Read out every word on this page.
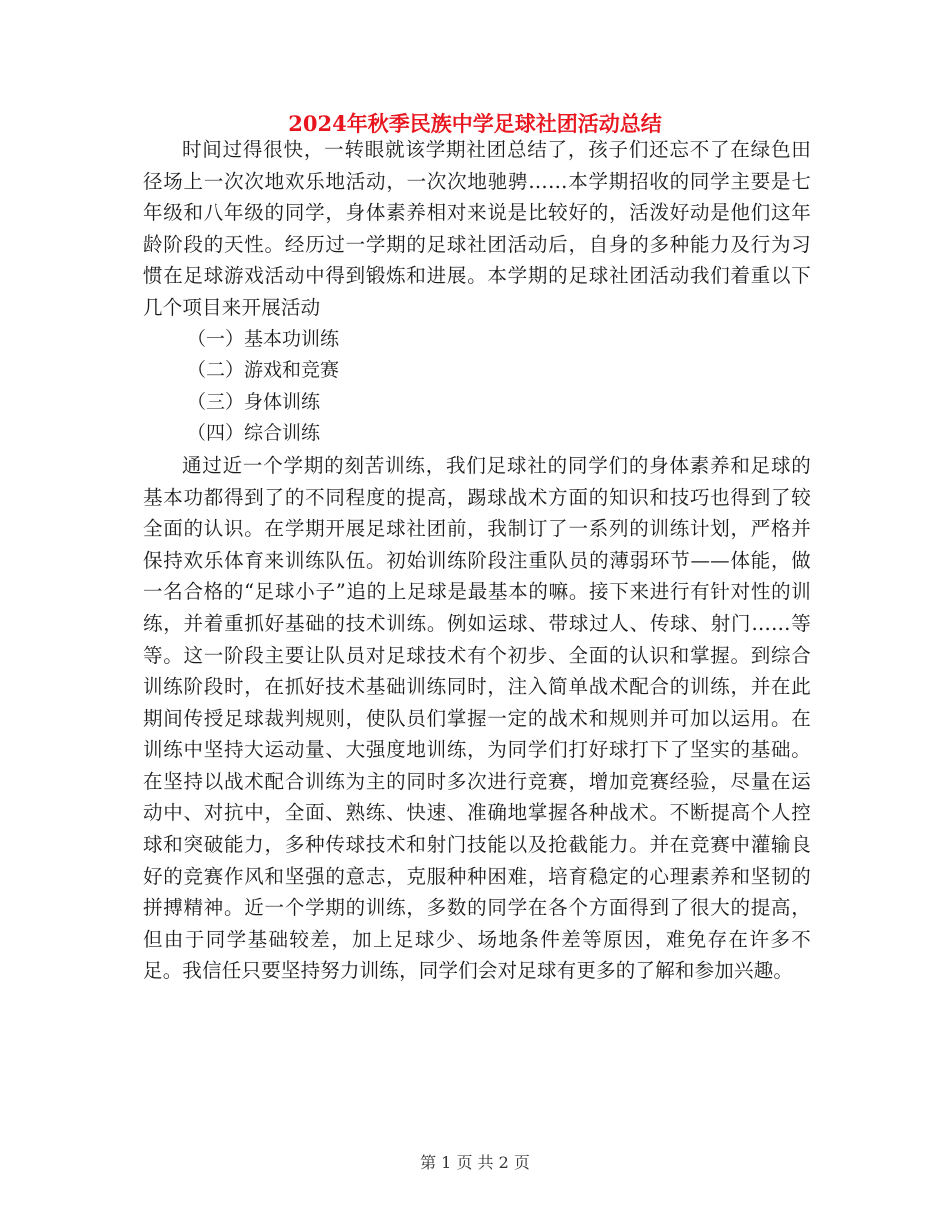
2024年秋季民族中学足球社团活动总结

时间过得很快，一转眼就该学期社团总结了，孩子们还忘不了在绿色田径场上一次次地欢乐地活动，一次次地驰骋……本学期招收的同学主要是七年级和八年级的同学，身体素养相对来说是比较好的，活泼好动是他们这年龄阶段的天性。经历过一学期的足球社团活动后，自身的多种能力及行为习惯在足球游戏活动中得到锻炼和进展。本学期的足球社团活动我们着重以下几个项目来开展活动

（一）基本功训练

（二）游戏和竞赛

（三）身体训练

（四）综合训练

通过近一个学期的刻苦训练，我们足球社的同学们的身体素养和足球的基本功都得到了的不同程度的提高，踢球战术方面的知识和技巧也得到了较全面的认识。在学期开展足球社团前，我制订了一系列的训练计划，严格并保持欢乐体育来训练队伍。初始训练阶段注重队员的薄弱环节——体能，做一名合格的“足球小子”追的上足球是最基本的嘛。接下来进行有针对性的训练，并着重抓好基础的技术训练。例如运球、带球过人、传球、射门……等等。这一阶段主要让队员对足球技术有个初步、全面的认识和掌握。到综合训练阶段时，在抓好技术基础训练同时，注入简单战术配合的训练，并在此期间传授足球裁判规则，使队员们掌握一定的战术和规则并可加以运用。在训练中坚持大运动量、大强度地训练，为同学们打好球打下了坚实的基础。在坚持以战术配合训练为主的同时多次进行竞赛，增加竞赛经验，尽量在运动中、对抗中，全面、熟练、快速、准确地掌握各种战术。不断提高个人控球和突破能力，多种传球技术和射门技能以及抢截能力。并在竞赛中灌输良好的竞赛作风和坚强的意志，克服种种困难，培育稳定的心理素养和坚韧的拼搏精神。近一个学期的训练，多数的同学在各个方面得到了很大的提高，但由于同学基础较差，加上足球少、场地条件差等原因，难免存在许多不足。我信任只要坚持努力训练，同学们会对足球有更多的了解和参加兴趣。

第 1 页 共 2 页
